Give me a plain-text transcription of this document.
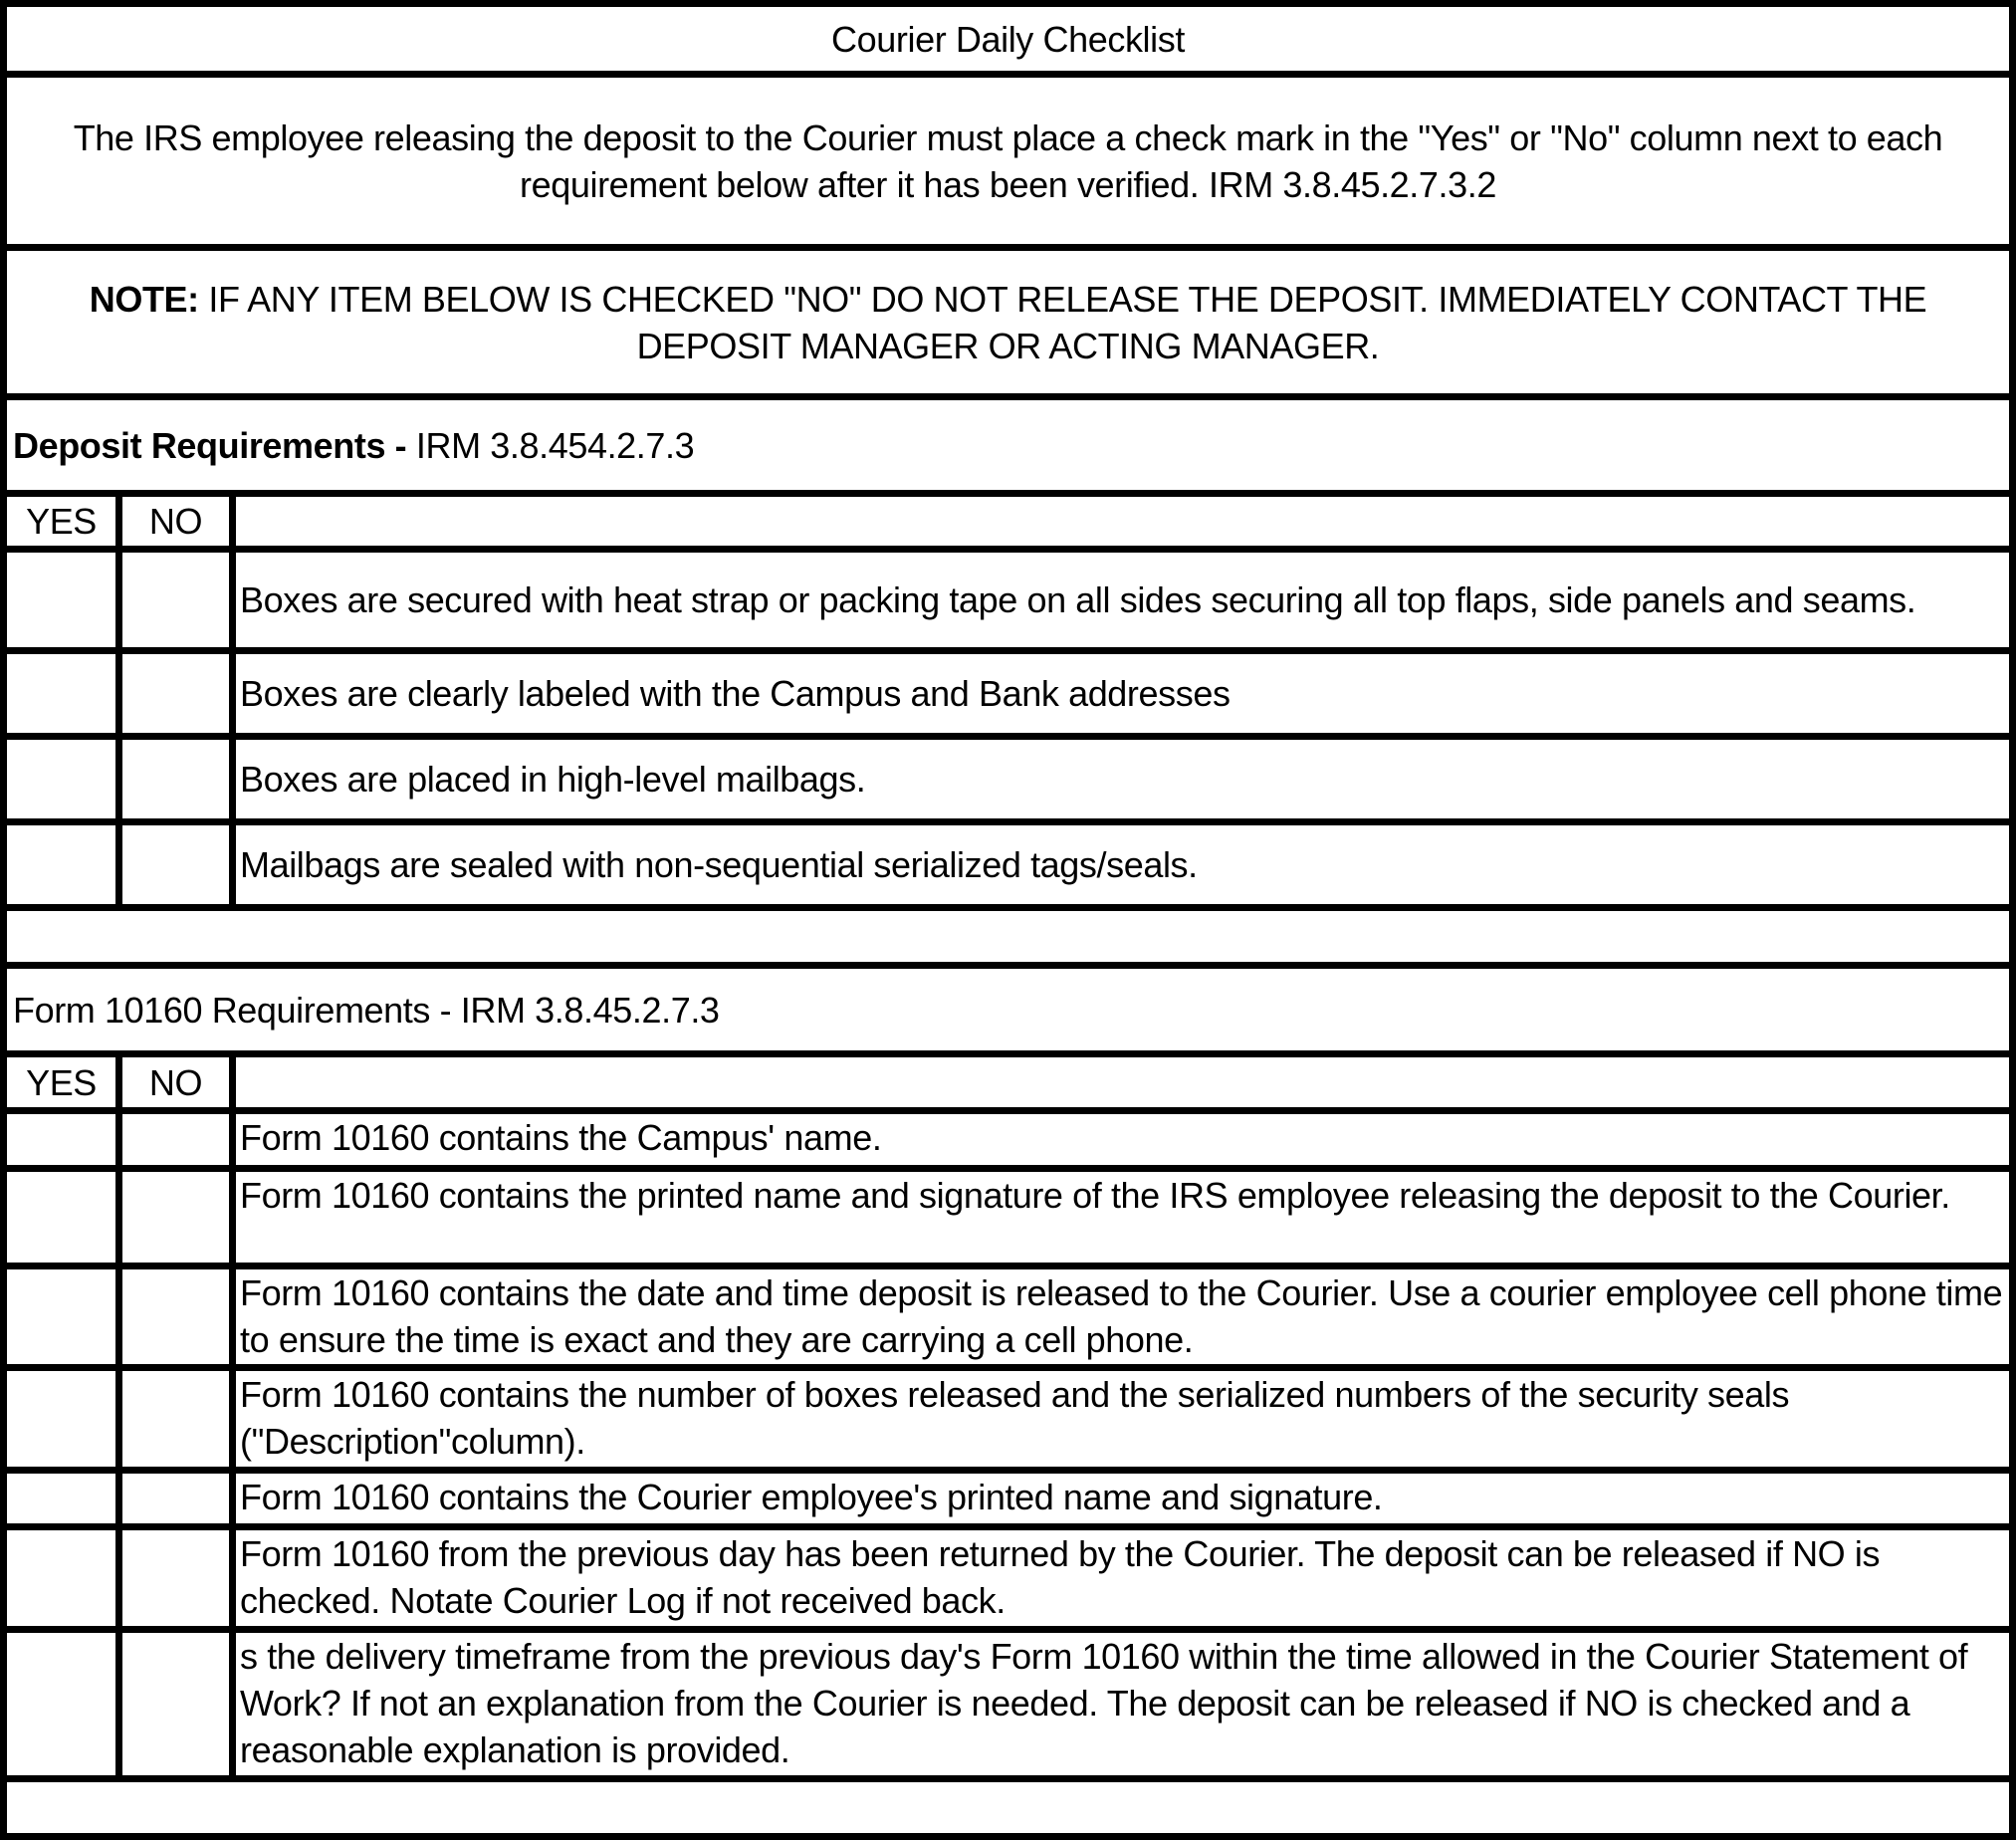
Courier Daily Checklist		
The IRS employee releasing the deposit to the Courier must place a check mark in the "Yes" or "No" column next to each requirement below after it has been verified. IRM 3.8.45.2.7.3.2		
NOTE: IF ANY ITEM BELOW IS CHECKED "NO" DO NOT RELEASE THE DEPOSIT. IMMEDIATELY CONTACT THE DEPOSIT MANAGER OR ACTING MANAGER.		
Deposit Requirements - IRM 3.8.454.2.7.3		
YES	NO	

	Boxes are secured with heat strap or packing tape on all sides securing all top flaps, side panels and seams.

	Boxes are clearly labeled with the Campus and Bank addresses

	Boxes are placed in high-level mailbags.

	Mailbags are sealed with non-sequential serialized tags/seals.

Form 10160 Requirements - IRM 3.8.45.2.7.3		
YES	NO	

	Form 10160 contains the Campus' name.

	Form 10160 contains the printed name and signature of the IRS employee releasing the deposit to the Courier.

	Form 10160 contains the date and time deposit is released to the Courier. Use a courier employee cell phone time to ensure the time is exact and they are carrying a cell phone.

	Form 10160 contains the number of boxes released and the serialized numbers of the security seals ("Description"column).

	Form 10160 contains the Courier employee's printed name and signature.

	Form 10160 from the previous day has been returned by the Courier. The deposit can be released if NO is checked. Notate Courier Log if not received back.

	s the delivery timeframe from the previous day's Form 10160 within the time allowed in the Courier Statement of Work? If not an explanation from the Courier is needed. The deposit can be released if NO is checked and a reasonable explanation is provided.
